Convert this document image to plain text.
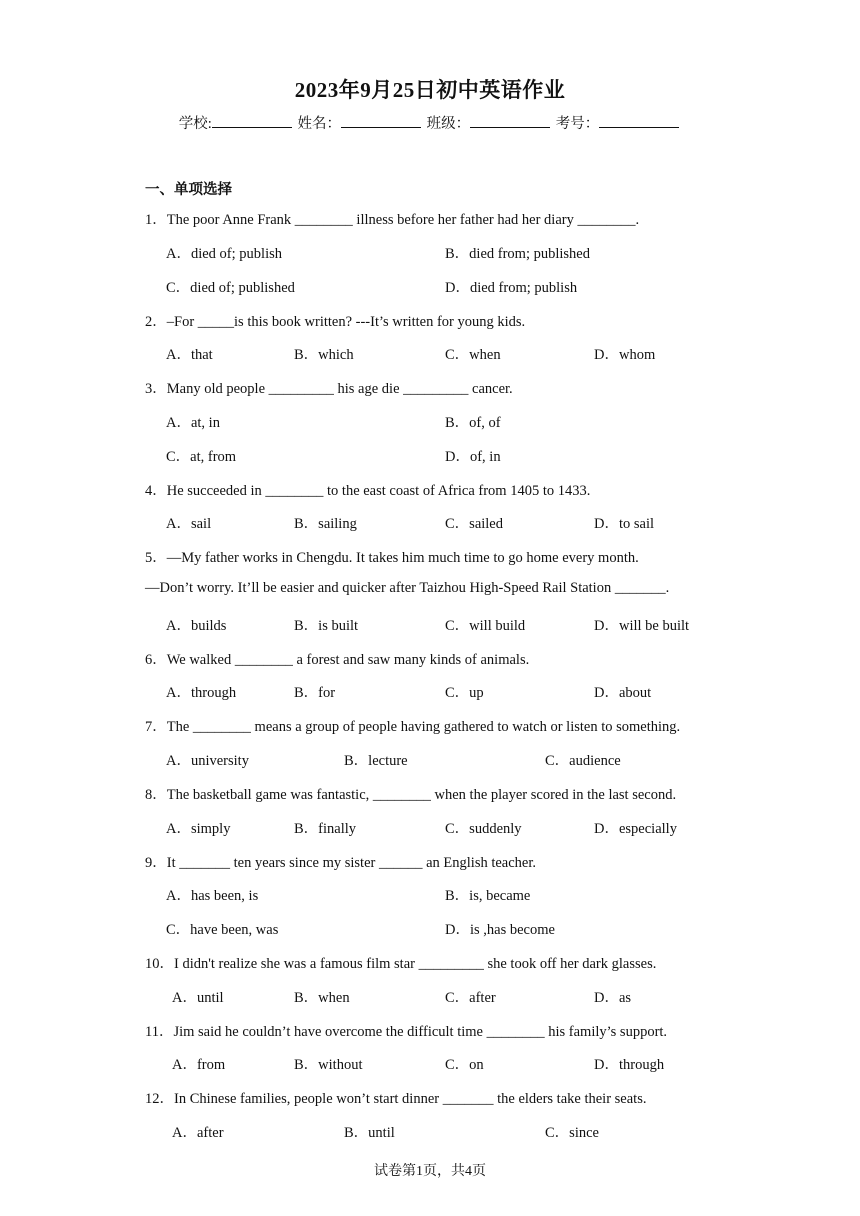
2023年9月25日初中英语作业
学校:	姓名：	班级：	考号：
一、单项选择
1．The poor Anne Frank ________ illness before her father had her diary ________.
A．died of; publish	B．died from; published
C．died of; published	D．died from; publish
2．–For _____is this book written? ---It’s written for young kids.
A．that	B．which	C．when	D．whom
3．Many old people _________ his age die _________ cancer.
A．at, in	B．of, of
C．at, from	D．of, in
4．He succeeded in ________ to the east coast of Africa from 1405 to 1433.
A．sail	B．sailing	C．sailed	D．to sail
5．—My father works in Chengdu. It takes him much time to go home every month.
—Don’t worry. It’ll be easier and quicker after Taizhou High-Speed Rail Station _______.
A．builds	B．is built	C．will build	D．will be built
6．We walked ________ a forest and saw many kinds of animals.
A．through	B．for	C．up	D．about
7．The ________ means a group of people having gathered to watch or listen to something.
A．university	B．lecture	C．audience
8．The basketball game was fantastic, ________ when the player scored in the last second.
A．simply	B．finally	C．suddenly	D．especially
9．It _______ ten years since my sister ______ an English teacher.
A．has been, is	B．is, became
C．have been, was	D．is ,has become
10．I didn't realize she was a famous film star _________ she took off her dark glasses.
A．until	B．when	C．after	D．as
11．Jim said he couldn’t have overcome the difficult time ________ his family’s support.
A．from	B．without	C．on	D．through
12．In Chinese families, people won’t start dinner _______ the elders take their seats.
A．after	B．until	C．since
试卷第1页，共4页
